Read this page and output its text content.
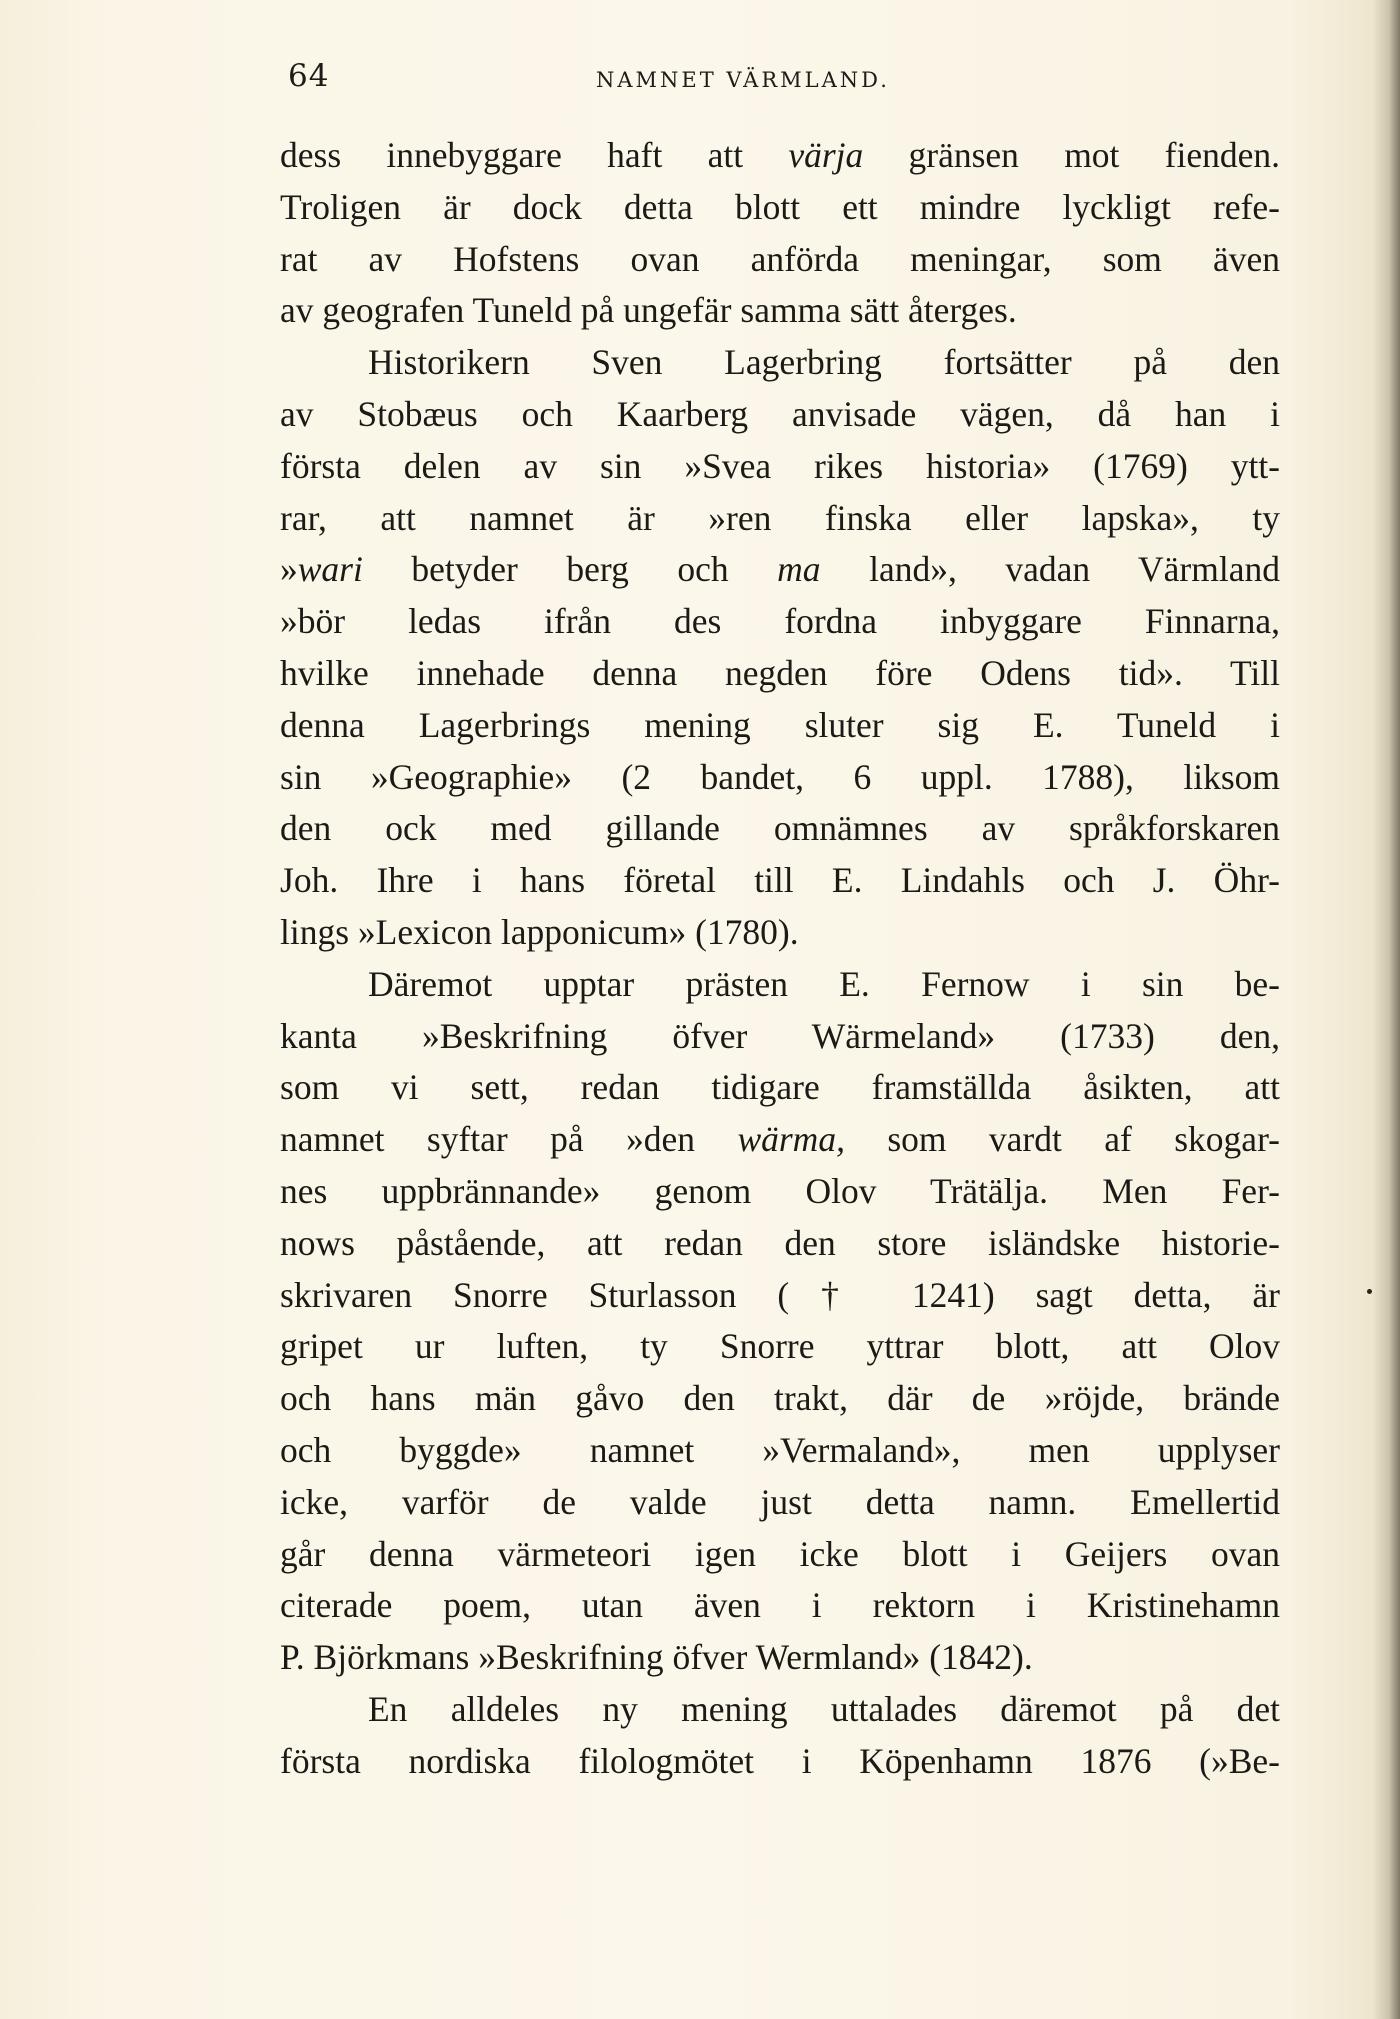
64	NAMNET VÄRMLAND.
dess innebyggare haft att värja gränsen mot fienden.
Troligen är dock detta blott ett mindre lyckligt refe-
rat av Hofstens ovan anförda meningar, som även
av geografen Tuneld på ungefär samma sätt återges.
Historikern Sven Lagerbring fortsätter på den
av Stobæus och Kaarberg anvisade vägen, då han i
första delen av sin »Svea rikes historia» (1769) ytt-
rar, att namnet är »ren finska eller lapska», ty
»wari betyder berg och ma land», vadan Värmland
»bör ledas ifrån des fordna inbyggare Finnarna,
hvilke innehade denna negden före Odens tid». Till
denna Lagerbrings mening sluter sig E. Tuneld i
sin »Geographie» (2 bandet, 6 uppl. 1788), liksom
den ock med gillande omnämnes av språkforskaren
Joh. Ihre i hans företal till E. Lindahls och J. Öhr-
lings »Lexicon lapponicum» (1780).
Däremot upptar prästen E. Fernow i sin be-
kanta »Beskrifning öfver Wärmeland» (1733) den,
som vi sett, redan tidigare framställda åsikten, att
namnet syftar på »den wärma, som vardt af skogar-
nes uppbrännande» genom Olov Trätälja. Men Fer-
nows påstående, att redan den store isländske historie-
skrivaren Snorre Sturlasson († 1241) sagt detta, är
gripet ur luften, ty Snorre yttrar blott, att Olov
och hans män gåvo den trakt, där de »röjde, brände
och byggde» namnet »Vermaland», men upplyser
icke, varför de valde just detta namn. Emellertid
går denna värmeteori igen icke blott i Geijers ovan
citerade poem, utan även i rektorn i Kristinehamn
P. Björkmans »Beskrifning öfver Wermland» (1842).
En alldeles ny mening uttalades däremot på det
första nordiska filologmötet i Köpenhamn 1876 (»Be-
